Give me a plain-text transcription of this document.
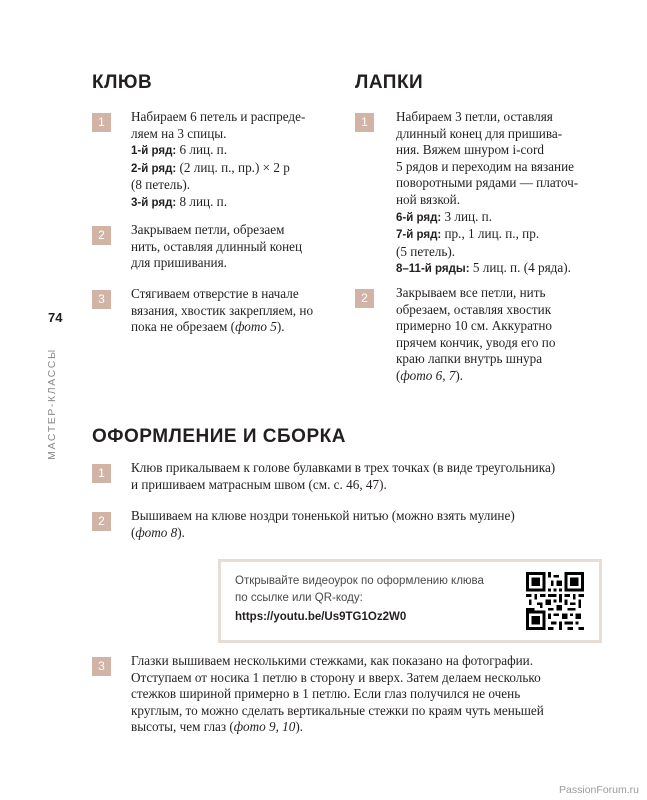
74
МАСТЕР-КЛАССЫ
КЛЮВ
1	Набираем 6 петель и распреде-
ляем на 3 спицы.
1-й ряд: 6 лиц. п.
2-й ряд: (2 лиц. п., пр.) × 2 р
(8 петель).
3-й ряд: 8 лиц. п.
2	Закрываем петли, обрезаем
нить, оставляя длинный конец
для пришивания.
3	Стягиваем отверстие в начале
вязания, хвостик закрепляем, но
пока не обрезаем (фото 5).
ЛАПКИ
1	Набираем 3 петли, оставляя
длинный конец для пришива-
ния. Вяжем шнуром i-cord
5 рядов и переходим на вязание
поворотными рядами — платоч-
ной вязкой.
6-й ряд: 3 лиц. п.
7-й ряд: пр., 1 лиц. п., пр.
(5 петель).
8–11-й ряды: 5 лиц. п. (4 ряда).
2	Закрываем все петли, нить
обрезаем, оставляя хвостик
примерно 10 см. Аккуратно
прячем кончик, уводя его по
краю лапки внутрь шнура
(фото 6, 7).
ОФОРМЛЕНИЕ И СБОРКА
1	Клюв прикалываем к голове булавками в трех точках (в виде треугольника)
и пришиваем матрасным швом (см. с. 46, 47).
2	Вышиваем на клюве ноздри тоненькой нитью (можно взять мулине)
(фото 8).
Открывайте видеоурок по оформлению клюва
по ссылке или QR-коду:
https://youtu.be/Us9TG1Oz2W0
3	Глазки вышиваем несколькими стежками, как показано на фотографии.
Отступаем от носика 1 петлю в сторону и вверх. Затем делаем несколько
стежков шириной примерно в 1 петлю. Если глаз получился не очень
круглым, то можно сделать вертикальные стежки по краям чуть меньшей
высоты, чем глаз (фото 9, 10).
PassionForum.ru
